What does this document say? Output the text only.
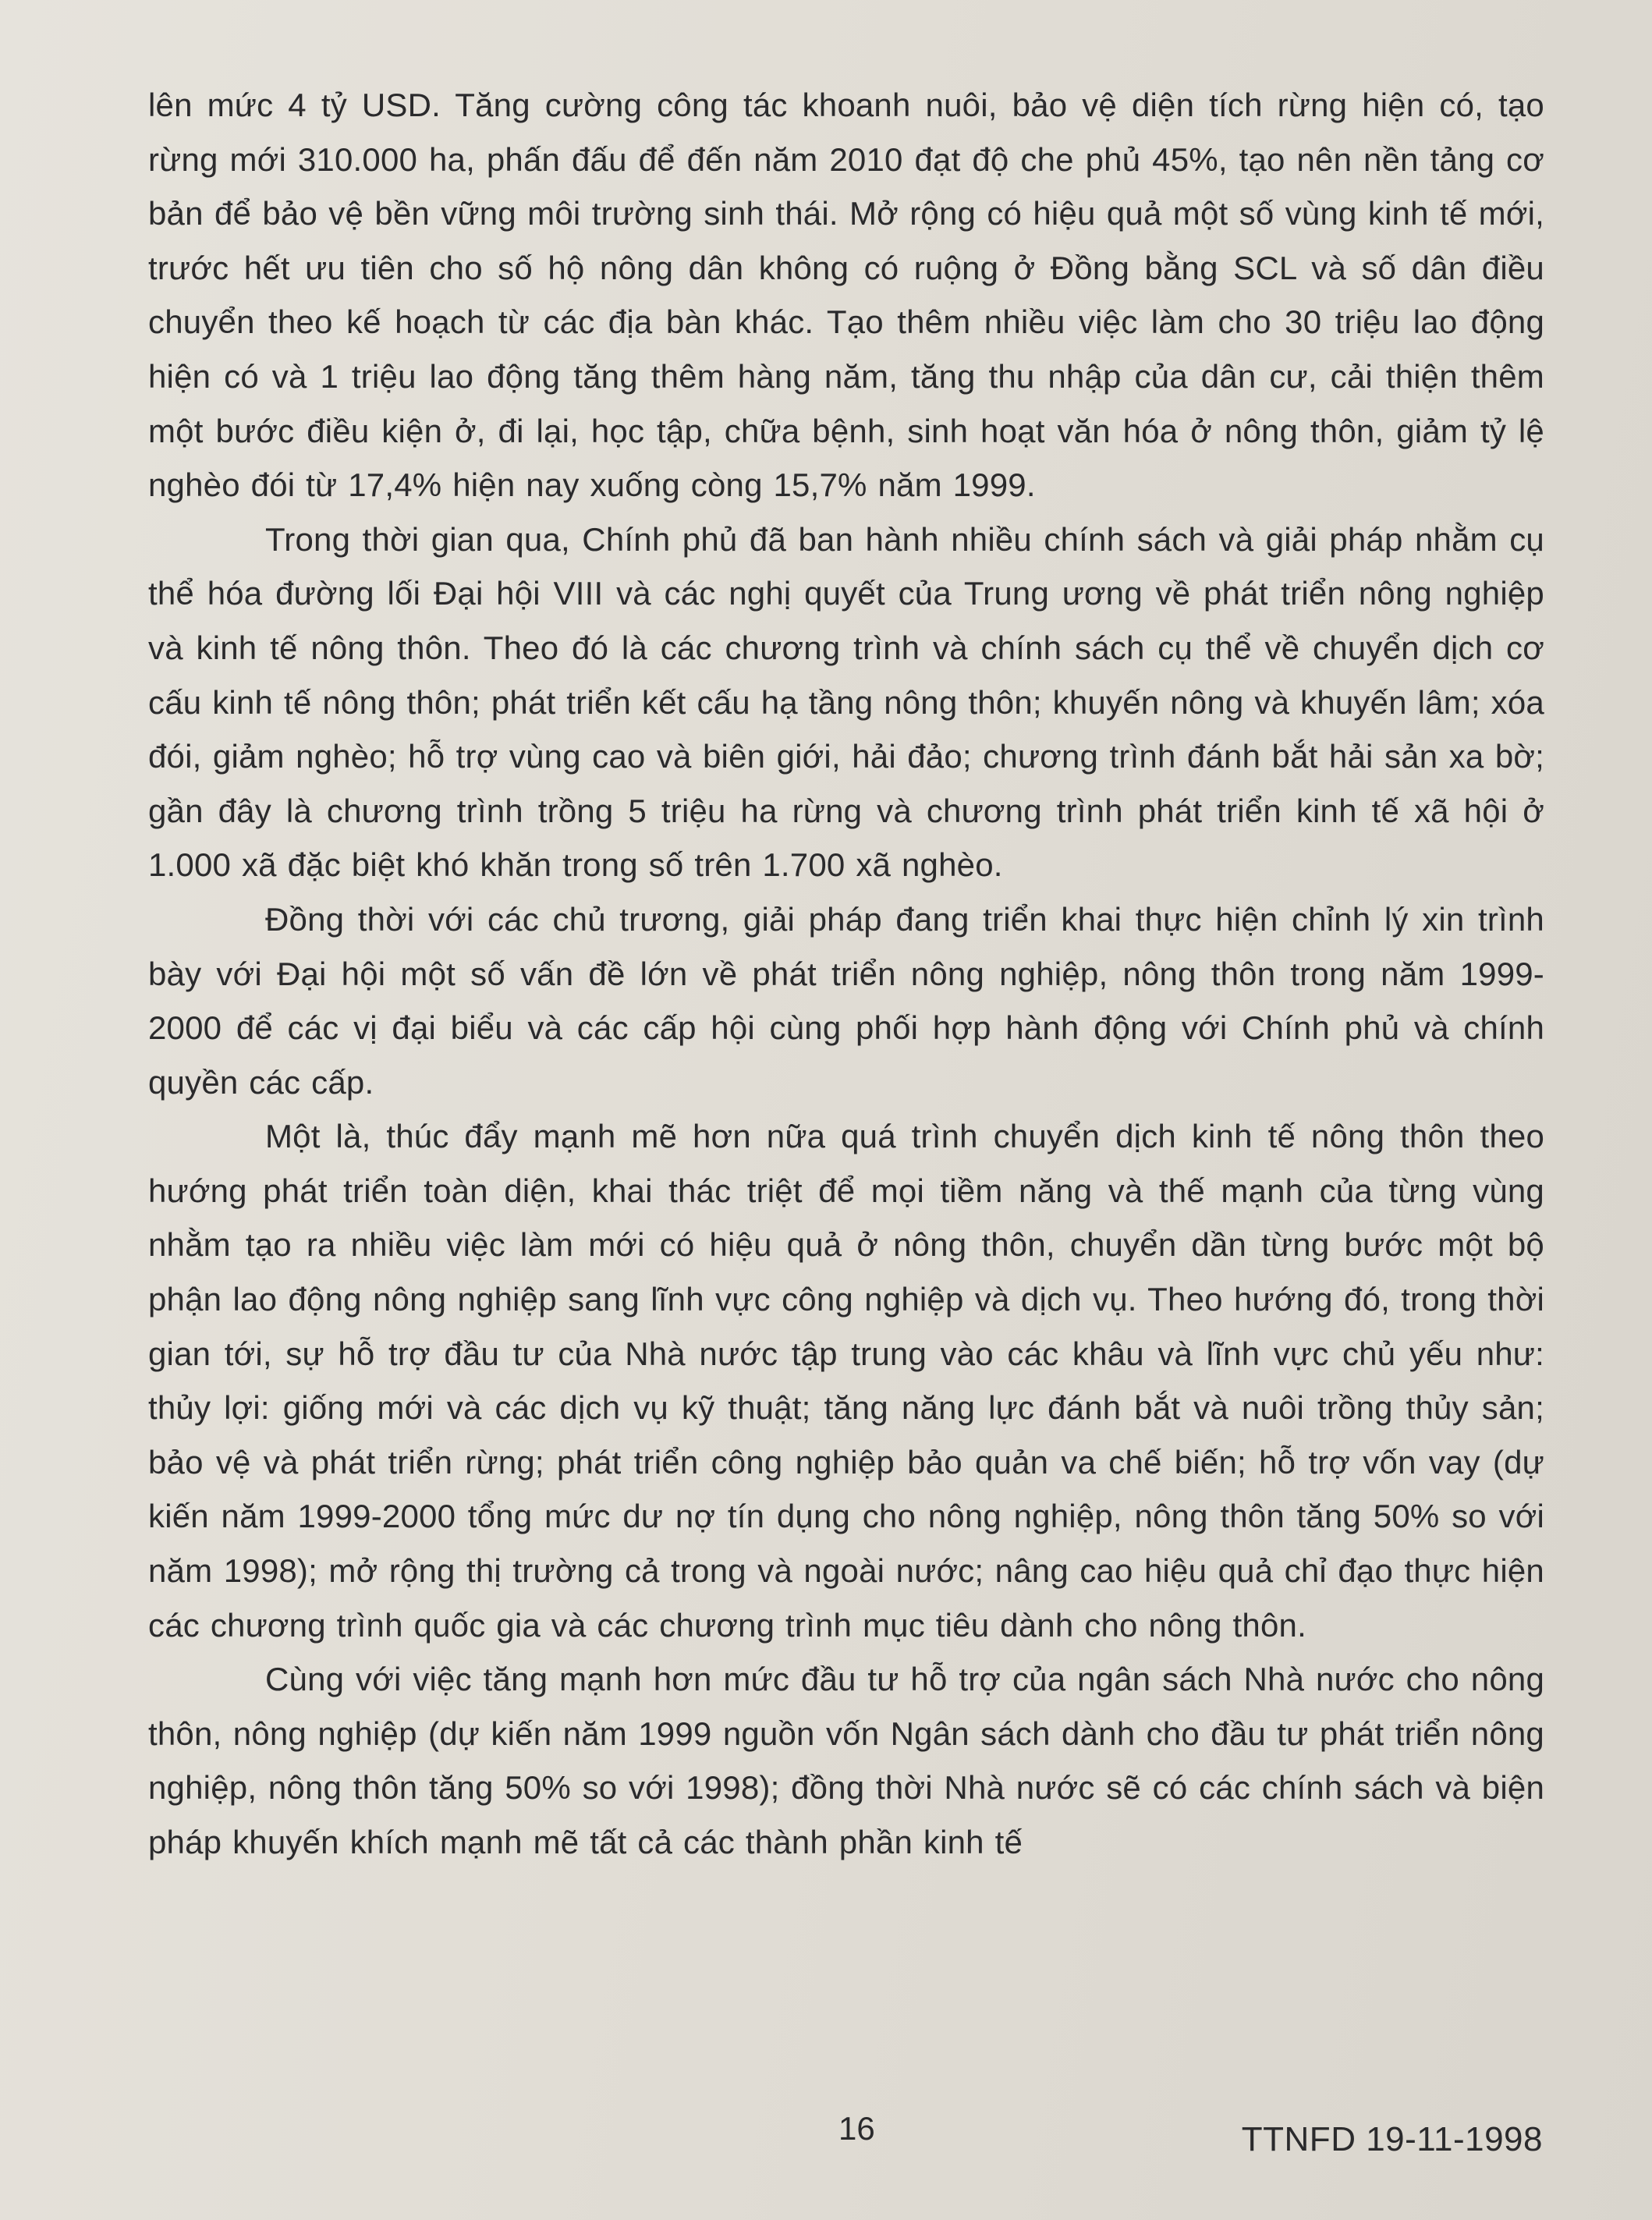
lên mức 4 tỷ USD. Tăng cường công tác khoanh nuôi, bảo vệ diện tích rừng hiện có, tạo rừng mới 310.000 ha, phấn đấu để đến năm 2010 đạt độ che phủ 45%, tạo nên nền tảng cơ bản để bảo vệ bền vững môi trường sinh thái. Mở rộng có hiệu quả một số vùng kinh tế mới, trước hết ưu tiên cho số hộ nông dân không có ruộng ở Đồng bằng SCL và số dân điều chuyển theo kế hoạch từ các địa bàn khác. Tạo thêm nhiều việc làm cho 30 triệu lao động hiện có và 1 triệu lao động tăng thêm hàng năm, tăng thu nhập của dân cư, cải thiện thêm một bước điều kiện ở, đi lại, học tập, chữa bệnh, sinh hoạt văn hóa ở nông thôn, giảm tỷ lệ nghèo đói từ 17,4% hiện nay xuống còng 15,7% năm 1999.

Trong thời gian qua, Chính phủ đã ban hành nhiều chính sách và giải pháp nhằm cụ thể hóa đường lối Đại hội VIII và các nghị quyết của Trung ương về phát triển nông nghiệp và kinh tế nông thôn. Theo đó là các chương trình và chính sách cụ thể về chuyển dịch cơ cấu kinh tế nông thôn; phát triển kết cấu hạ tầng nông thôn; khuyến nông và khuyến lâm; xóa đói, giảm nghèo; hỗ trợ vùng cao và biên giới, hải đảo; chương trình đánh bắt hải sản xa bờ; gần đây là chương trình trồng 5 triệu ha rừng và chương trình phát triển kinh tế xã hội ở 1.000 xã đặc biệt khó khăn trong số trên 1.700 xã nghèo.

Đồng thời với các chủ trương, giải pháp đang triển khai thực hiện chỉnh lý xin trình bày với Đại hội một số vấn đề lớn về phát triển nông nghiệp, nông thôn trong năm 1999-2000 để các vị đại biểu và các cấp hội cùng phối hợp hành động với Chính phủ và chính quyền các cấp.

Một là, thúc đẩy mạnh mẽ hơn nữa quá trình chuyển dịch kinh tế nông thôn theo hướng phát triển toàn diện, khai thác triệt để mọi tiềm năng và thế mạnh của từng vùng nhằm tạo ra nhiều việc làm mới có hiệu quả ở nông thôn, chuyển dần từng bước một bộ phận lao động nông nghiệp sang lĩnh vực công nghiệp và dịch vụ. Theo hướng đó, trong thời gian tới, sự hỗ trợ đầu tư của Nhà nước tập trung vào các khâu và lĩnh vực chủ yếu như: thủy lợi: giống mới và các dịch vụ kỹ thuật; tăng năng lực đánh bắt và nuôi trồng thủy sản; bảo vệ và phát triển rừng; phát triển công nghiệp bảo quản va chế biến; hỗ trợ vốn vay (dự kiến năm 1999-2000 tổng mức dư nợ tín dụng cho nông nghiệp, nông thôn tăng 50% so với năm 1998); mở rộng thị trường cả trong và ngoài nước; nâng cao hiệu quả chỉ đạo thực hiện các chương trình quốc gia và các chương trình mục tiêu dành cho nông thôn.

Cùng với việc tăng mạnh hơn mức đầu tư hỗ trợ của ngân sách Nhà nước cho nông thôn, nông nghiệp (dự kiến năm 1999 nguồn vốn Ngân sách dành cho đầu tư phát triển nông nghiệp, nông thôn tăng 50% so với 1998); đồng thời Nhà nước sẽ có các chính sách và biện pháp khuyến khích mạnh mẽ tất cả các thành phần kinh tế

16	TTNFD 19-11-1998
